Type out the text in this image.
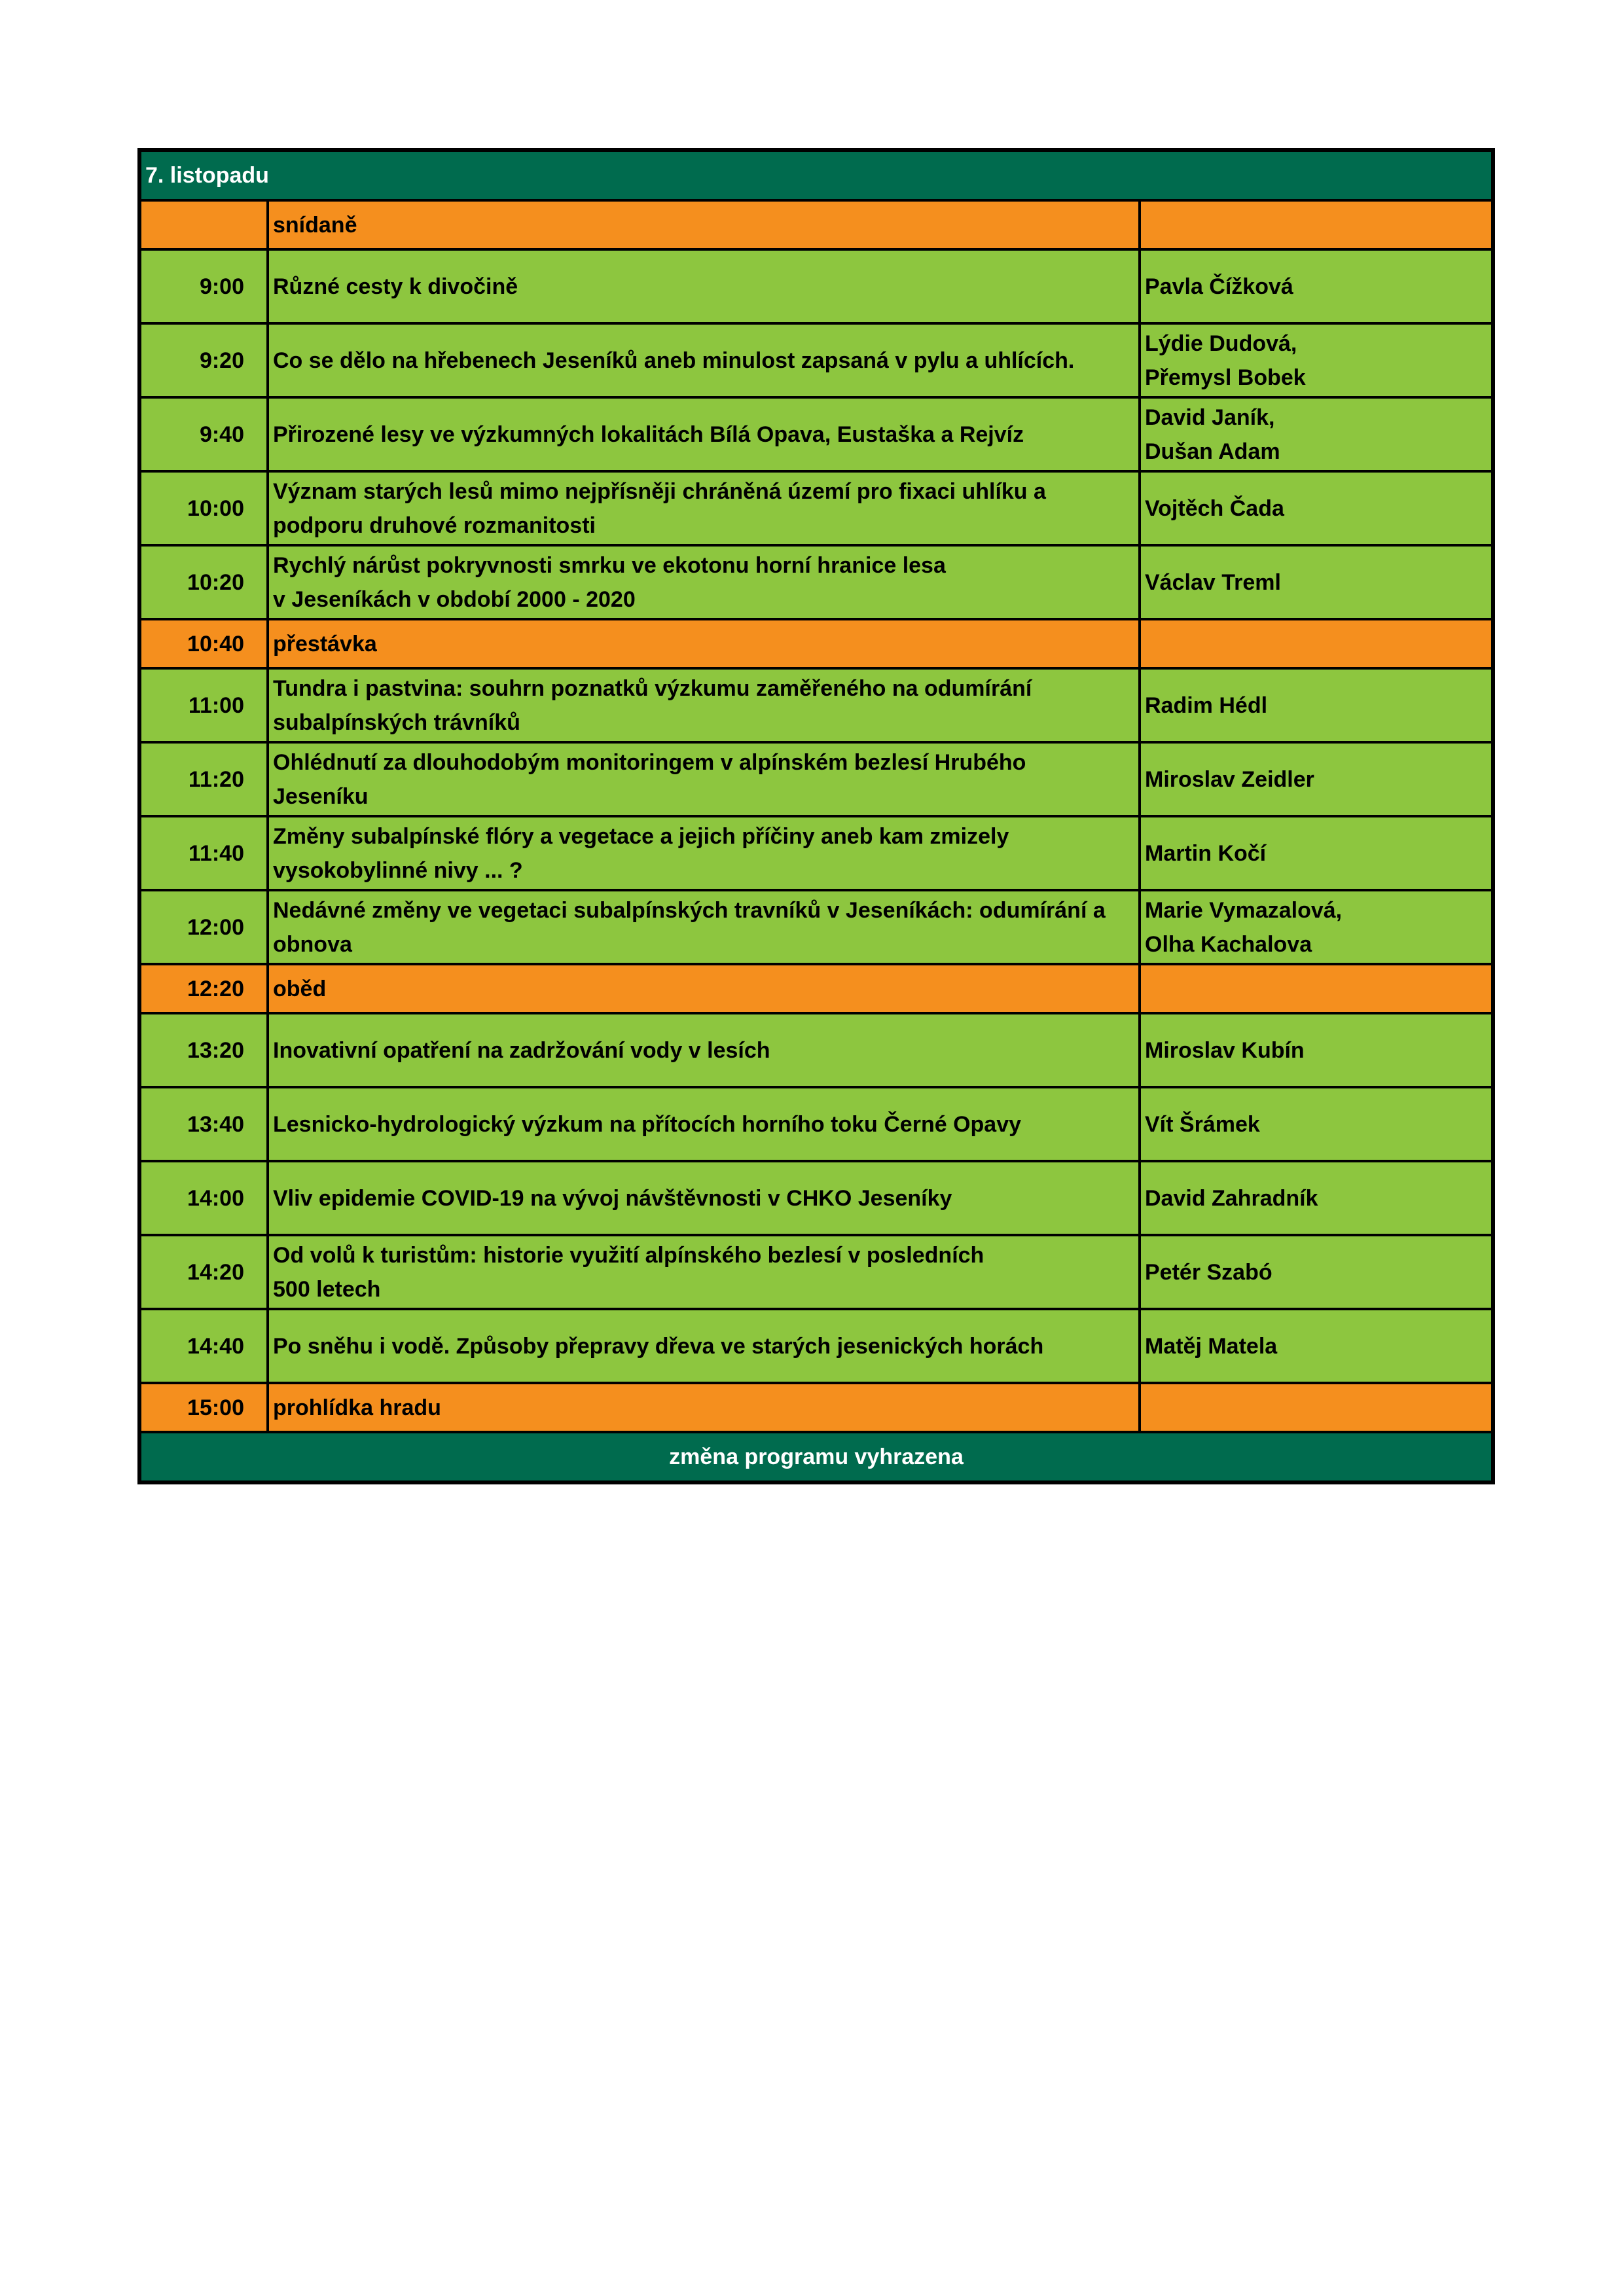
7. listopadu		
	snídaně	
9:00	Různé cesty k divočině	Pavla Čížková

9:20	Co se dělo na hřebenech Jeseníků aneb minulost zapsaná v pylu a uhlících.	Lýdie Dudová,
Přemysl Bobek

9:40	Přirozené lesy ve výzkumných lokalitách Bílá Opava, Eustaška a Rejvíz	David Janík,
Dušan Adam

10:00	Význam starých lesů mimo nejpřísněji chráněná území pro fixaci uhlíku a
podporu druhové rozmanitosti	Vojtěch Čada

10:20	Rychlý nárůst pokryvnosti smrku ve ekotonu horní hranice lesa
v Jeseníkách v období 2000 - 2020	Václav Treml

10:40	přestávka	
11:00	Tundra i pastvina: souhrn poznatků výzkumu zaměřeného na odumírání
subalpínských trávníků	Radim Hédl

11:20	Ohlédnutí za dlouhodobým monitoringem v alpínském bezlesí Hrubého
Jeseníku	Miroslav Zeidler

11:40	Změny subalpínské flóry a vegetace a jejich příčiny aneb kam zmizely
vysokobylinné nivy ... ?	Martin Kočí

12:00	Nedávné změny ve vegetaci subalpínských travníků v Jeseníkách: odumírání a
obnova	Marie Vymazalová,
Olha Kachalova

12:20	oběd	
13:20	Inovativní opatření na zadržování vody v lesích	Miroslav Kubín

13:40	Lesnicko-hydrologický výzkum na přítocích horního toku Černé Opavy	Vít Šrámek

14:00	Vliv epidemie COVID-19 na vývoj návštěvnosti v CHKO Jeseníky	David Zahradník

14:20	Od volů k turistům: historie využití alpínského bezlesí v posledních
500 letech	Petér Szabó

14:40	Po sněhu i vodě. Způsoby přepravy dřeva ve starých jesenických horách	Matěj Matela

15:00	prohlídka hradu	
změna programu vyhrazena		
